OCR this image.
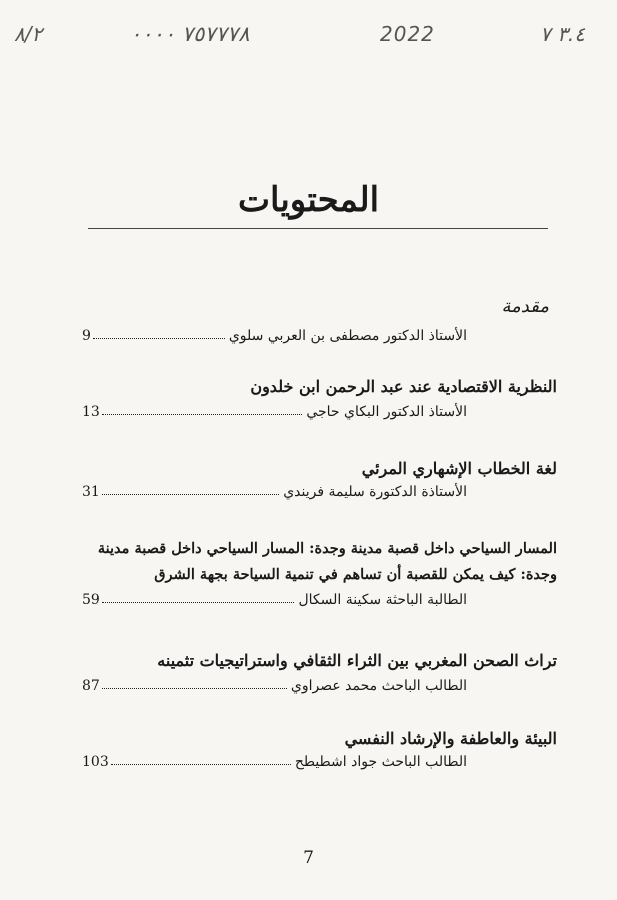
٨/٢	٧٥٧٧٧٨ ٠٠٠٠	2022	٣.٤ ٧
المحتويات
مقدمة
9	الأستاذ الدكتور مصطفى بن العربي سلوي
النظرية الاقتصادية عند عبد الرحمن ابن خلدون
13	الأستاذ الدكتور البكاي حاجي
لغة الخطاب الإشهاري المرئي
31	الأستاذة الدكتورة سليمة فريندي
المسار السياحي داخل قصبة مدينة وجدة: المسار السياحي داخل قصبة مدينة
وجدة: كيف يمكن للقصبة أن تساهم في تنمية السياحة بجهة الشرق
59	الطالبة الباحثة سكينة السكال
تراث الصحن المغربي بين الثراء الثقافي واستراتيجيات تثمينه
87	الطالب الباحث محمد عصراوي
البيئة والعاطفة والإرشاد النفسي
103	الطالب الباحث جواد اشطيطح
7
